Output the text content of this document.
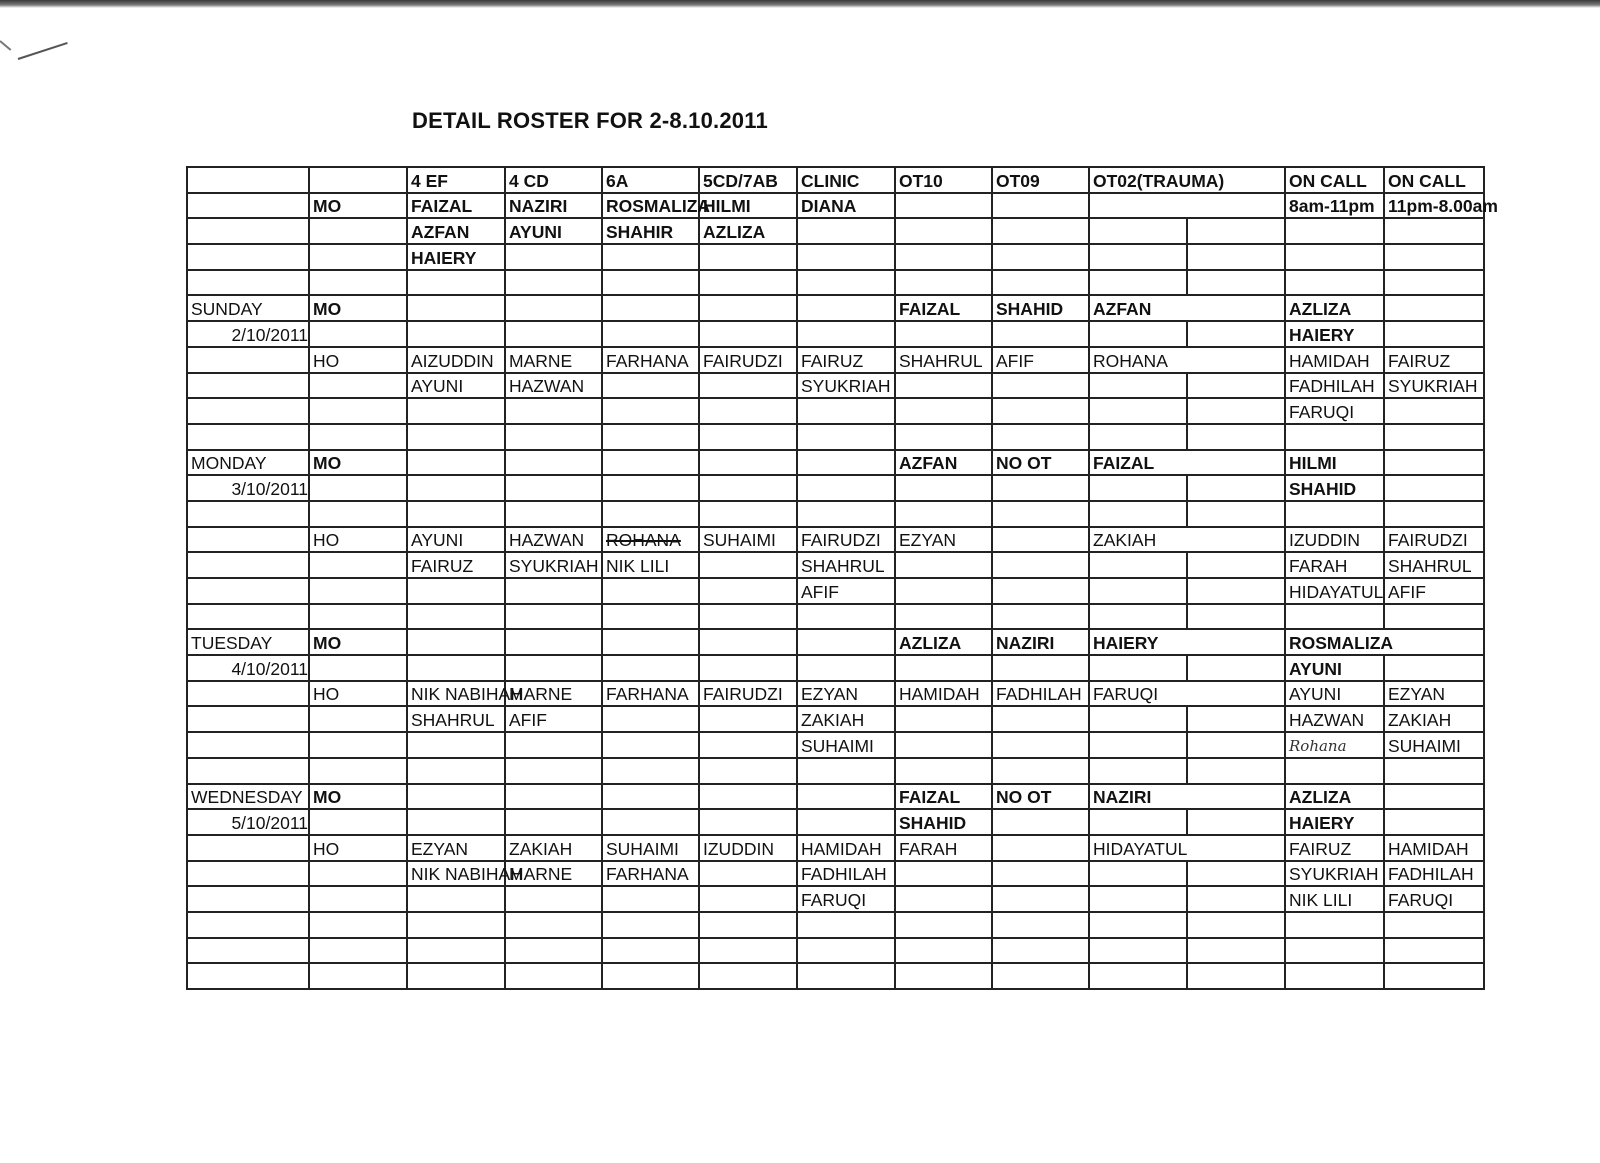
DETAIL ROSTER FOR 2-8.10.2011
		4 EF	4 CD	6A	5CD/7AB	CLINIC	OT10	OT09	OT02(TRAUMA)		ON CALL	ON CALL
	MO	FAIZAL	NAZIRI	ROSMALIZA	HILMI	DIANA					8am-11pm	11pm-8.00am
		AZFAN	AYUNI	SHAHIR	AZLIZA							
		HAIERY										

SUNDAY	MO						FAIZAL	SHAHID	AZFAN		AZLIZA	
2/10/2011											HAIERY	
	HO	AIZUDDIN	MARNE	FARHANA	FAIRUDZI	FAIRUZ	SHAHRUL	AFIF	ROHANA		HAMIDAH	FAIRUZ
		AYUNI	HAZWAN			SYUKRIAH					FADHILAH	SYUKRIAH
											FARUQI	

MONDAY	MO						AZFAN	NO OT	FAIZAL		HILMI	
3/10/2011											SHAHID	

	HO	AYUNI	HAZWAN	ROHANA	SUHAIMI	FAIRUDZI	EZYAN		ZAKIAH		IZUDDIN	FAIRUDZI
		FAIRUZ	SYUKRIAH	NIK LILI		SHAHRUL					FARAH	SHAHRUL
						AFIF					HIDAYATUL	AFIF

TUESDAY	MO						AZLIZA	NAZIRI	HAIERY		ROSMALIZA	
4/10/2011											AYUNI	
	HO	NIK NABIHAH	MARNE	FARHANA	FAIRUDZI	EZYAN	HAMIDAH	FADHILAH	FARUQI		AYUNI	EZYAN
		SHAHRUL	AFIF			ZAKIAH					HAZWAN	ZAKIAH
						SUHAIMI					Rohana	SUHAIMI

WEDNESDAY	MO						FAIZAL	NO OT	NAZIRI		AZLIZA	
5/10/2011							SHAHID				HAIERY	
	HO	EZYAN	ZAKIAH	SUHAIMI	IZUDDIN	HAMIDAH	FARAH		HIDAYATUL		FAIRUZ	HAMIDAH
		NIK NABIHAH	MARNE	FARHANA		FADHILAH					SYUKRIAH	FADHILAH
						FARUQI					NIK LILI	FARUQI
